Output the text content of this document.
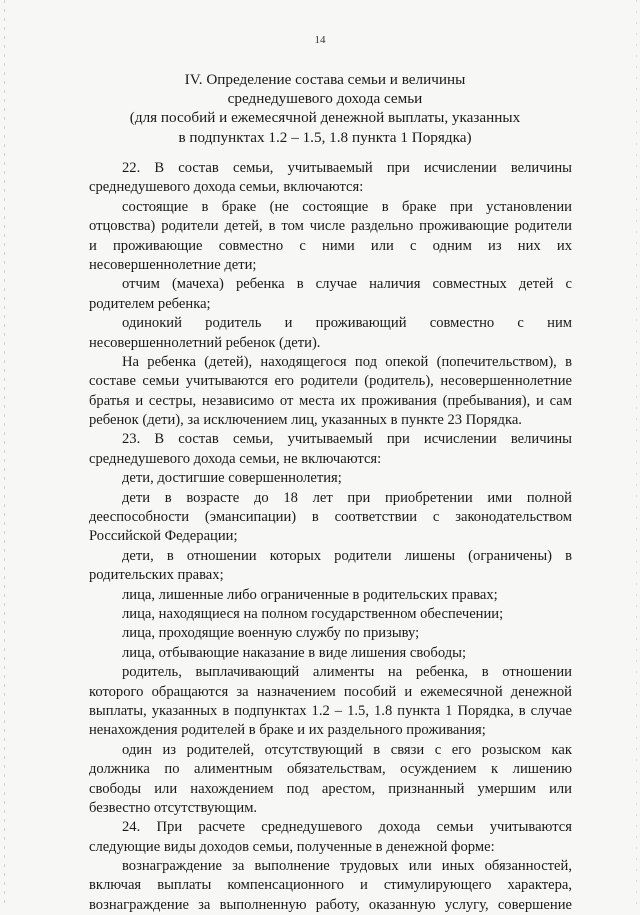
14
IV. Определение состава семьи и величины
среднедушевого дохода семьи
(для пособий и ежемесячной денежной выплаты, указанных
в подпунктах 1.2 – 1.5, 1.8 пункта 1 Порядка)
22. В состав семьи, учитываемый при исчислении величины
среднедушевого дохода семьи, включаются:
состоящие в браке (не состоящие в браке при установлении
отцовства) родители детей, в том числе раздельно проживающие родители
и проживающие совместно с ними или с одним из них их
несовершеннолетние дети;
отчим (мачеха) ребенка в случае наличия совместных детей с
родителем ребенка;
одинокий родитель и проживающий совместно с ним
несовершеннолетний ребенок (дети).
На ребенка (детей), находящегося под опекой (попечительством), в
составе семьи учитываются его родители (родитель), несовершеннолетние
братья и сестры, независимо от места их проживания (пребывания), и сам
ребенок (дети), за исключением лиц, указанных в пункте 23 Порядка.
23. В состав семьи, учитываемый при исчислении величины
среднедушевого дохода семьи, не включаются:
дети, достигшие совершеннолетия;
дети в возрасте до 18 лет при приобретении ими полной
дееспособности (эмансипации) в соответствии с законодательством
Российской Федерации;
дети, в отношении которых родители лишены (ограничены) в
родительских правах;
лица, лишенные либо ограниченные в родительских правах;
лица, находящиеся на полном государственном обеспечении;
лица, проходящие военную службу по призыву;
лица, отбывающие наказание в виде лишения свободы;
родитель, выплачивающий алименты на ребенка, в отношении
которого обращаются за назначением пособий и ежемесячной денежной
выплаты, указанных в подпунктах 1.2 – 1.5, 1.8 пункта 1 Порядка, в случае
ненахождения родителей в браке и их раздельного проживания;
один из родителей, отсутствующий в связи с его розыском как
должника по алиментным обязательствам, осуждением к лишению
свободы или нахождением под арестом, признанный умершим или
безвестно отсутствующим.
24. При расчете среднедушевого дохода семьи учитываются
следующие виды доходов семьи, полученные в денежной форме:
вознаграждение за выполнение трудовых или иных обязанностей,
включая выплаты компенсационного и стимулирующего характера,
вознаграждение за выполненную работу, оказанную услугу, совершение
